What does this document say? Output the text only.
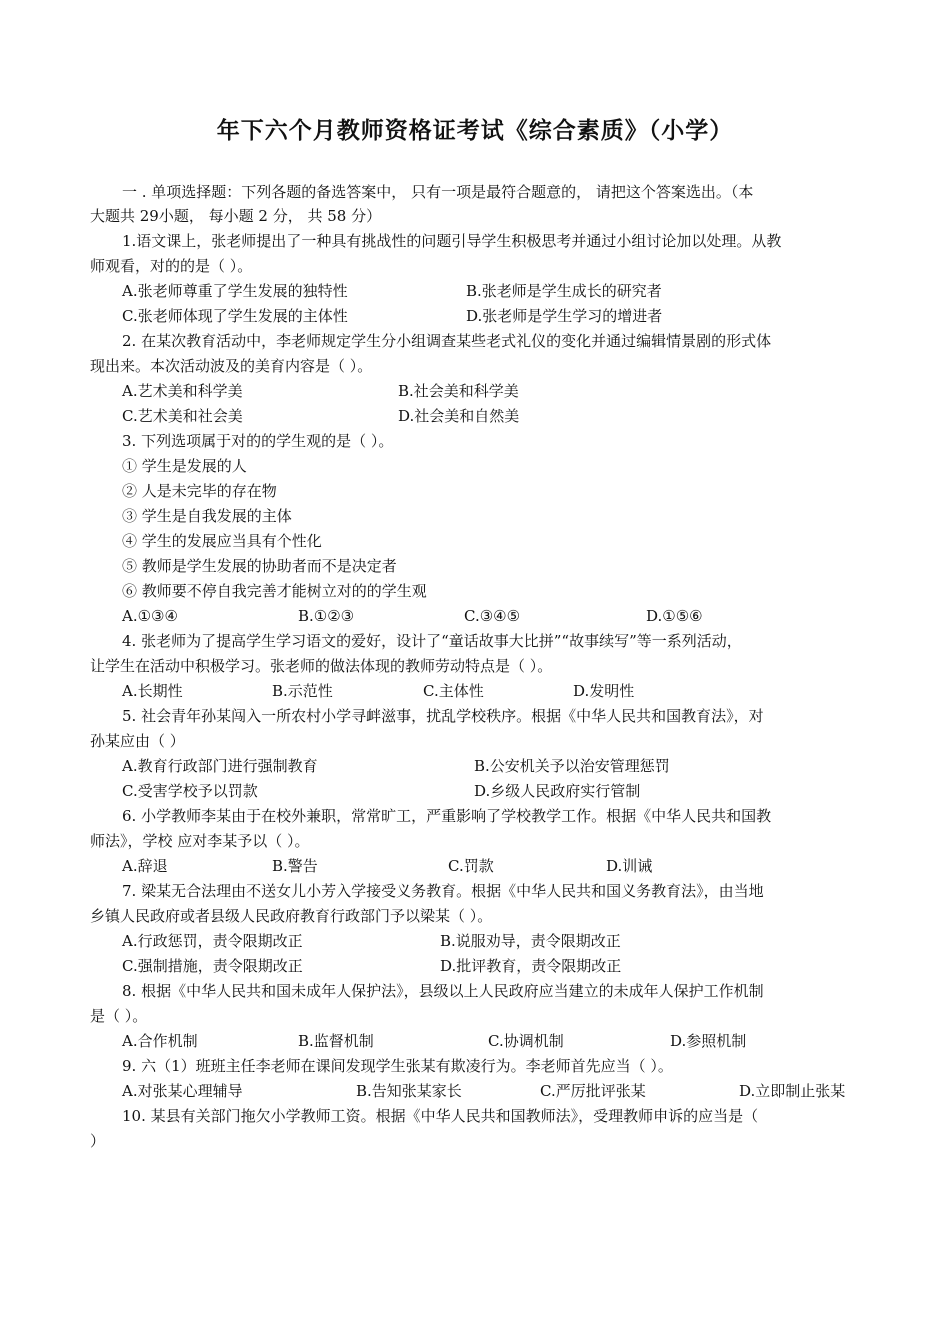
年下六个月教师资格证考试《综合素质》（小学）
一 . 单项选择题：下列各题的备选答案中， 只有一项是最符合题意的， 请把这个答案选出。（本
大题共 29小题， 每小题 2 分， 共 58 分）
1.语文课上，张老师提出了一种具有挑战性的问题引导学生积极思考并通过小组讨论加以处理。从教
师观看，对的的是（ ）。
A.张老师尊重了学生发展的独特性	B.张老师是学生成长的研究者
C.张老师体现了学生发展的主体性	D.张老师是学生学习的增进者
2. 在某次教育活动中，李老师规定学生分小组调查某些老式礼仪的变化并通过编辑情景剧的形式体
现出来。本次活动波及的美育内容是（ ）。
A.艺术美和科学美	B.社会美和科学美
C.艺术美和社会美	D.社会美和自然美
3. 下列选项属于对的的学生观的是（ ）。
① 学生是发展的人
② 人是未完毕的存在物
③ 学生是自我发展的主体
④ 学生的发展应当具有个性化
⑤ 教师是学生发展的协助者而不是决定者
⑥ 教师要不停自我完善才能树立对的的学生观
A.①③④	B.①②③	C.③④⑤	D.①⑤⑥
4. 张老师为了提高学生学习语文的爱好，设计了“童话故事大比拼”“故事续写”等一系列活动，
让学生在活动中积极学习。张老师的做法体现的教师劳动特点是（ ）。
A.长期性	B.示范性	C.主体性	D.发明性
5. 社会青年孙某闯入一所农村小学寻衅滋事，扰乱学校秩序。根据《中华人民共和国教育法》，对
孙某应由（ ）
A.教育行政部门进行强制教育	B.公安机关予以治安管理惩罚
C.受害学校予以罚款	D.乡级人民政府实行管制
6. 小学教师李某由于在校外兼职，常常旷工，严重影响了学校教学工作。根据《中华人民共和国教
师法》，学校 应对李某予以（ ）。
A.辞退	B.警告	C.罚款	D.训诫
7. 梁某无合法理由不送女儿小芳入学接受义务教育。根据《中华人民共和国义务教育法》，由当地
乡镇人民政府或者县级人民政府教育行政部门予以梁某（ ）。
A.行政惩罚，责令限期改正	B.说服劝导，责令限期改正
C.强制措施，责令限期改正	D.批评教育，责令限期改正
8. 根据《中华人民共和国未成年人保护法》，县级以上人民政府应当建立的未成年人保护工作机制
是（ ）。
A.合作机制	B.监督机制	C.协调机制	D.参照机制
9. 六（1）班班主任李老师在课间发现学生张某有欺凌行为。李老师首先应当（ ）。
A.对张某心理辅导	B.告知张某家长	C.严厉批评张某	D.立即制止张某
10. 某县有关部门拖欠小学教师工资。根据《中华人民共和国教师法》，受理教师申诉的应当是（
）
